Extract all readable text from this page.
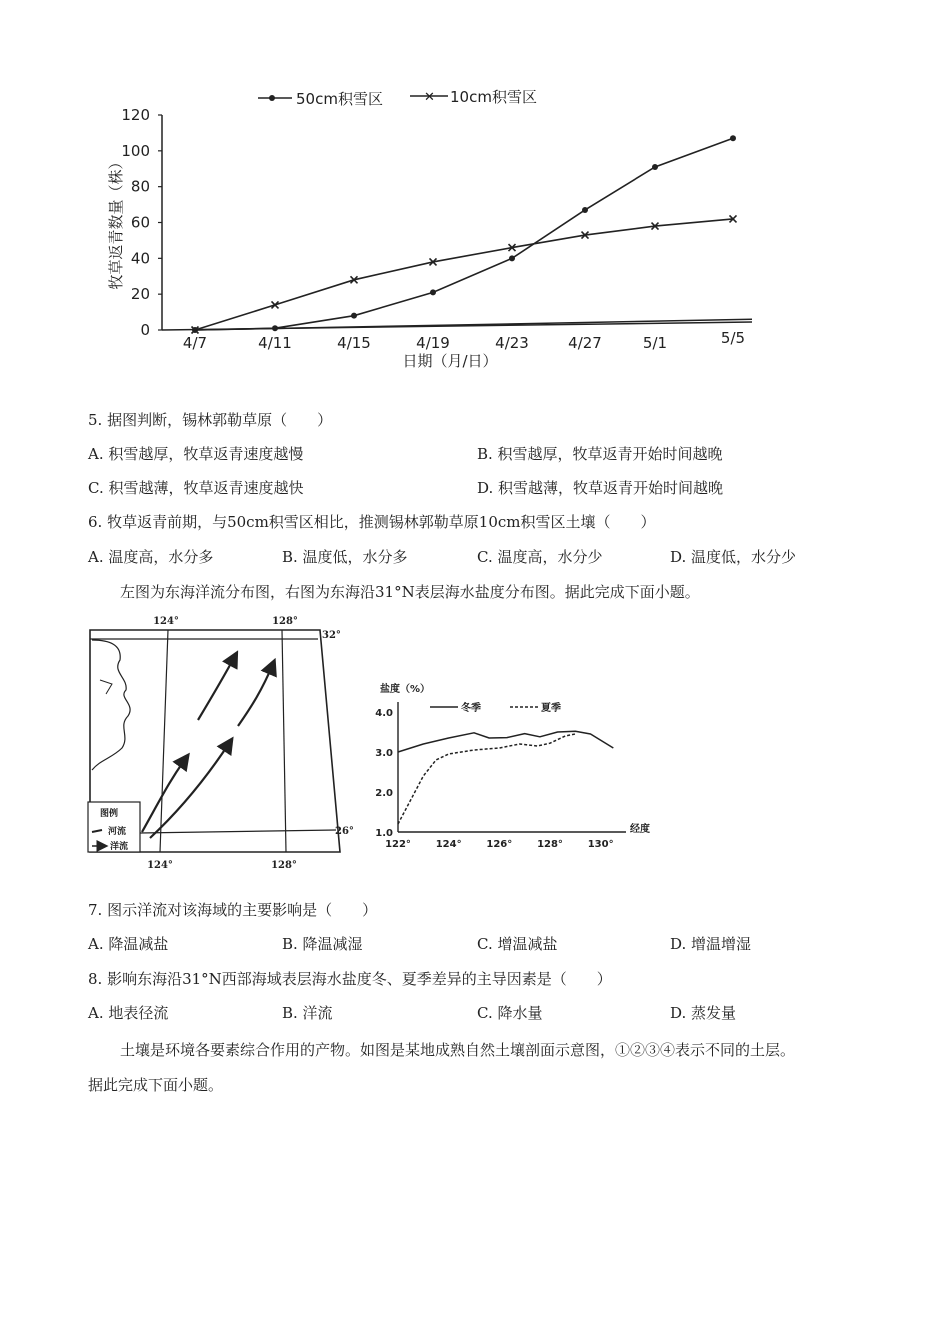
50cm积雪区	✕ 10cm积雪区
牧草返青数量（株）
日期（月/日）
0
20
40
60
80
100
120
4/7	4/11	4/15	4/19	4/23	4/27	5/1	5/5
5. 据图判断，锡林郭勒草原（　　）
A. 积雪越厚，牧草返青速度越慢	B. 积雪越厚，牧草返青开始时间越晚
C. 积雪越薄，牧草返青速度越快	D. 积雪越薄，牧草返青开始时间越晚
6. 牧草返青前期，与50cm积雪区相比，推测锡林郭勒草原10cm积雪区土壤（　　）
A. 温度高，水分多	B. 温度低，水分多	C. 温度高，水分少	D. 温度低，水分少
左图为东海洋流分布图，右图为东海沿31°N表层海水盐度分布图。据此完成下面小题。
124°	128°
32°
26°
124°	128°
图例
河流
洋流
盐度（%）
经度
冬季	夏季
1.0
2.0
3.0
4.0
122° 124° 126° 128° 130°
7. 图示洋流对该海域的主要影响是（　　）
A. 降温减盐	B. 降温减湿	C. 增温减盐	D. 增温增湿
8. 影响东海沿31°N西部海域表层海水盐度冬、夏季差异的主导因素是（　　）
A. 地表径流	B. 洋流	C. 降水量	D. 蒸发量
土壤是环境各要素综合作用的产物。如图是某地成熟自然土壤剖面示意图，①②③④表示不同的土层。
据此完成下面小题。
